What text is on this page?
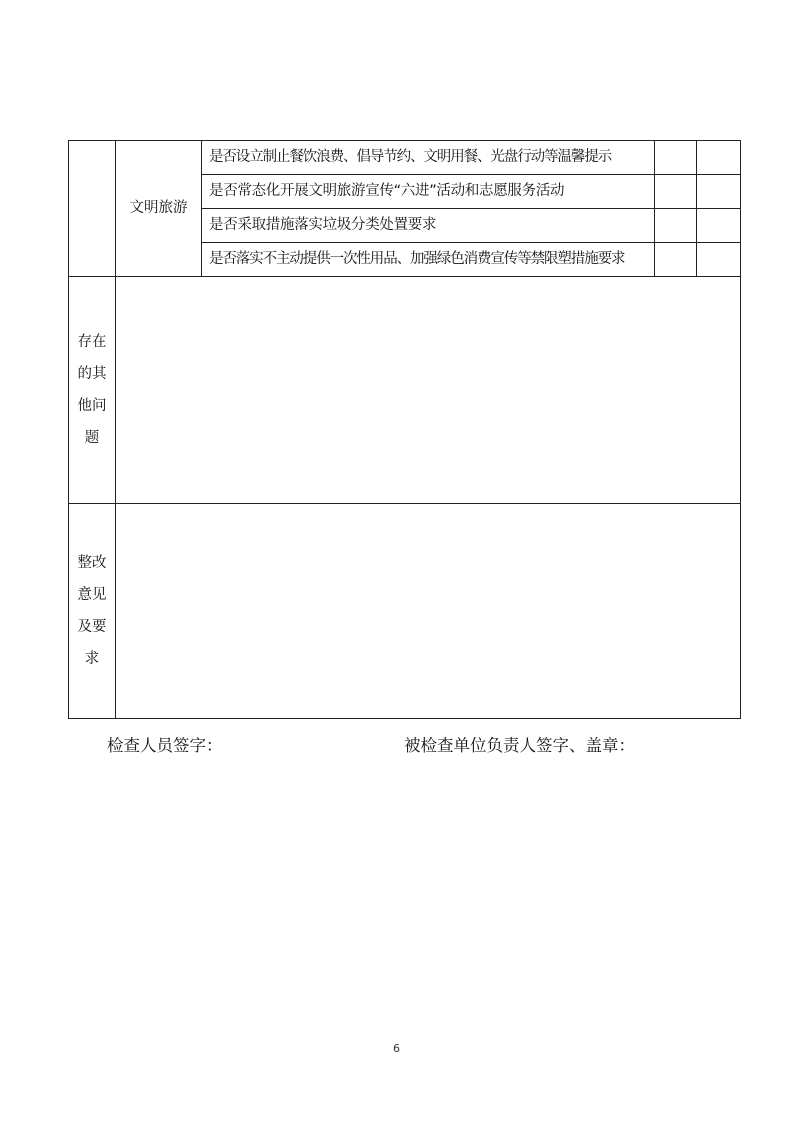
	文明旅游	是否设立制止餐饮浪费、倡导节约、文明用餐、光盘行动等温馨提示		
		是否常态化开展文明旅游宣传“六进”活动和志愿服务活动		
		是否采取措施落实垃圾分类处置要求		
		是否落实不主动提供一次性用品、加强绿色消费宣传等禁限塑措施要求		
存在的其他问题				
整改意见及要求				
检查人员签字：	被检查单位负责人签字、盖章：
6
